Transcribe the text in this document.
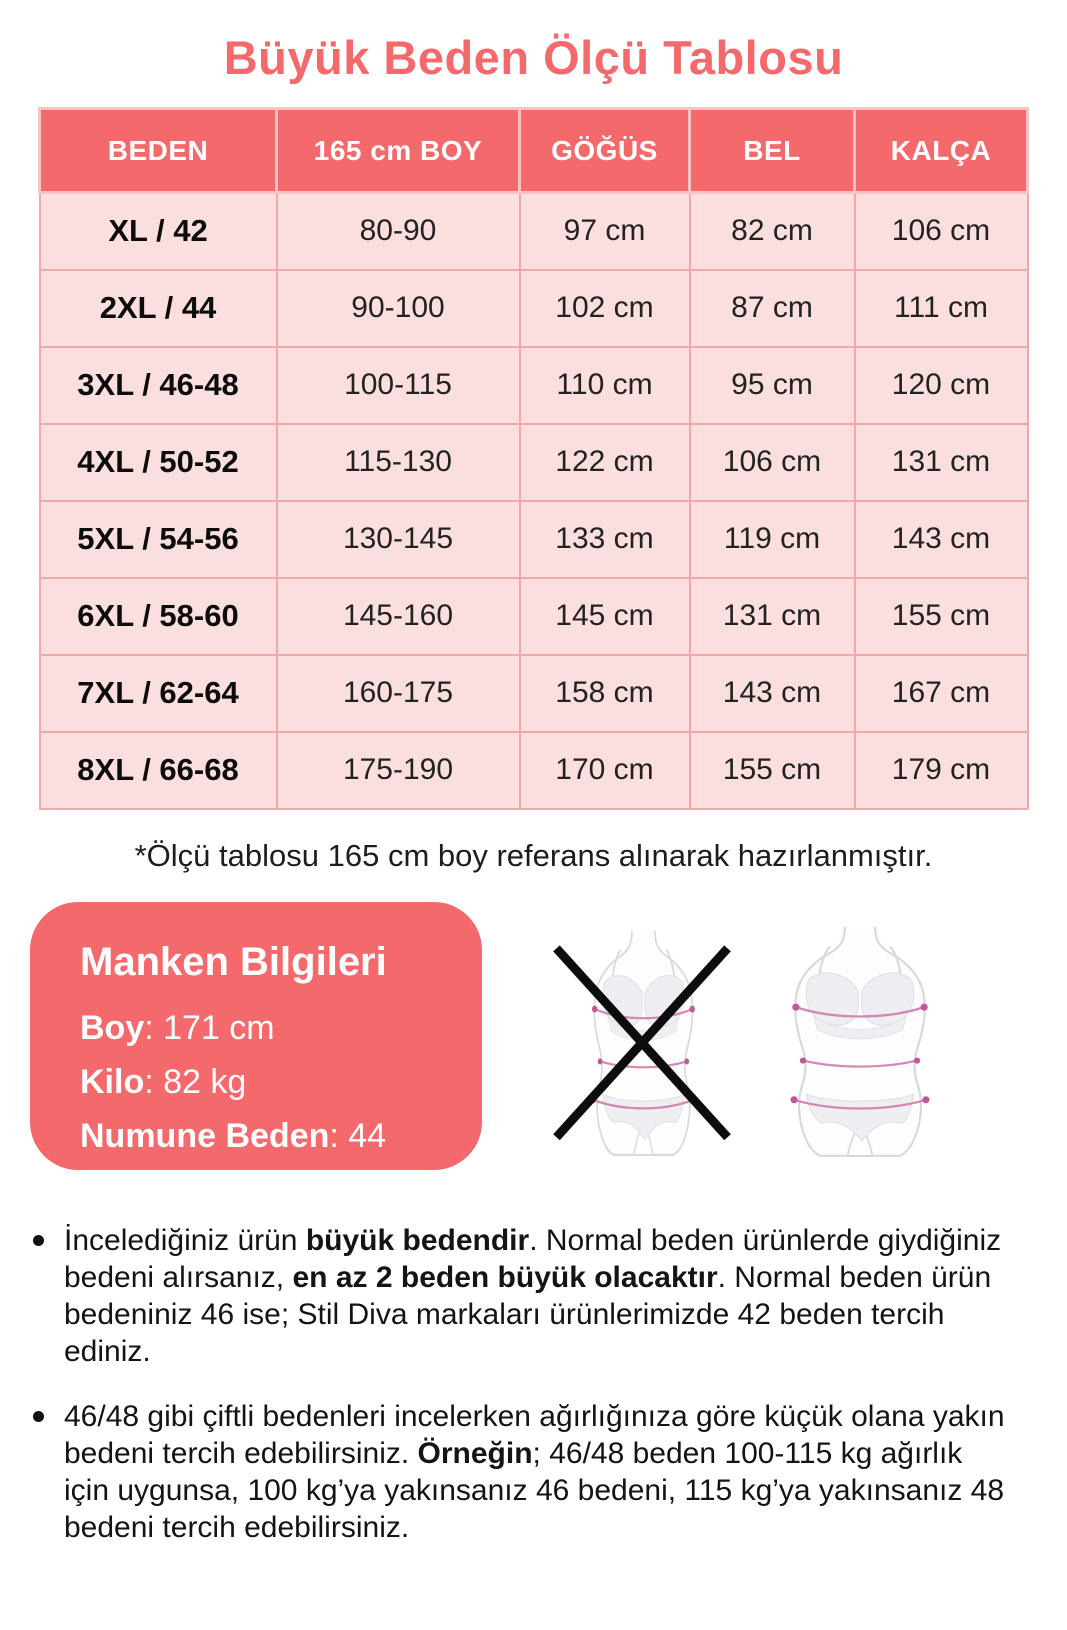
Büyük Beden Ölçü Tablosu
BEDEN	165 cm BOY	GÖĞÜS	BEL	KALÇA
XL / 42	80-90	97 cm	82 cm	106 cm
2XL / 44	90-100	102 cm	87 cm	111 cm
3XL / 46-48	100-115	110 cm	95 cm	120 cm
4XL / 50-52	115-130	122 cm	106 cm	131 cm
5XL / 54-56	130-145	133 cm	119 cm	143 cm
6XL / 58-60	145-160	145 cm	131 cm	155 cm
7XL / 62-64	160-175	158 cm	143 cm	167 cm
8XL / 66-68	175-190	170 cm	155 cm	179 cm
*Ölçü tablosu 165 cm boy referans alınarak hazırlanmıştır.
Manken Bilgileri
Boy: 171 cm
Kilo: 82 kg
Numune Beden: 44
İncelediğiniz ürün büyük bedendir. Normal beden ürünlerde giydiğiniz bedeni alırsanız, en az 2 beden büyük olacaktır. Normal beden ürün bedeniniz 46 ise; Stil Diva markaları ürünlerimizde 42 beden tercih ediniz.
46/48 gibi çiftli bedenleri incelerken ağırlığınıza göre küçük olana yakın bedeni tercih edebilirsiniz. Örneğin; 46/48 beden 100-115 kg ağırlık için uygunsa, 100 kg’ya yakınsanız 46 bedeni, 115 kg’ya yakınsanız 48 bedeni tercih edebilirsiniz.
